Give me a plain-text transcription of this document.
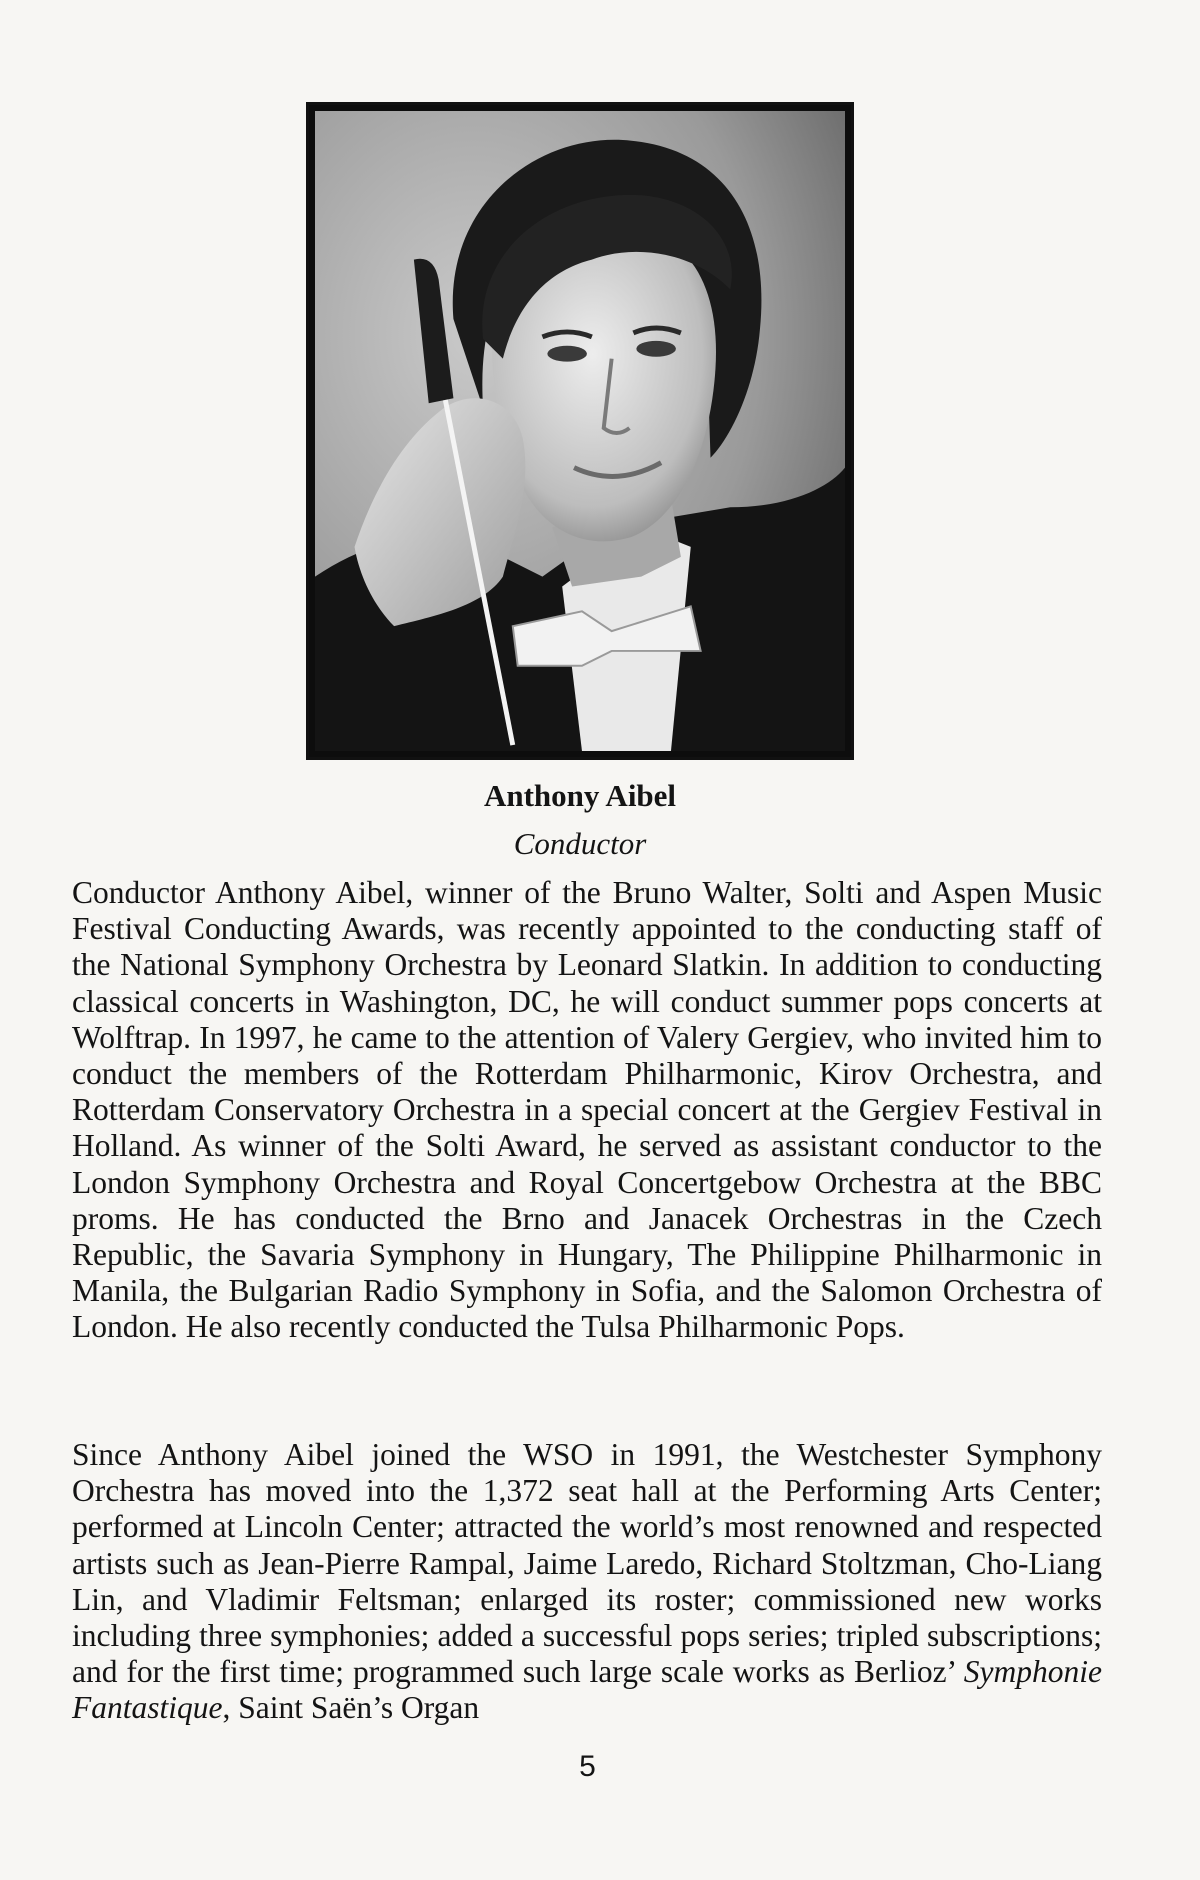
Anthony Aibel
Conductor

Conductor Anthony Aibel, winner of the Bruno Walter, Solti and Aspen Music Festival Conducting Awards, was recently appointed to the conducting staff of the National Symphony Orchestra by Leonard Slatkin. In addition to conducting classical concerts in Washington, DC, he will conduct summer pops concerts at Wolftrap. In 1997, he came to the attention of Valery Gergiev, who invited him to conduct the members of the Rotterdam Philharmonic, Kirov Orchestra, and Rotterdam Conservatory Orchestra in a special concert at the Gergiev Festival in Holland. As winner of the Solti Award, he served as assistant conductor to the London Symphony Orchestra and Royal Concertgebow Orchestra at the BBC proms. He has conducted the Brno and Janacek Orchestras in the Czech Republic, the Savaria Symphony in Hungary, The Philippine Philharmonic in Manila, the Bulgarian Radio Symphony in Sofia, and the Salomon Orchestra of London. He also recently conducted the Tulsa Philharmonic Pops.

Since Anthony Aibel joined the WSO in 1991, the Westchester Symphony Orchestra has moved into the 1,372 seat hall at the Performing Arts Center; performed at Lincoln Center; attracted the world’s most renowned and respected artists such as Jean-Pierre Rampal, Jaime Laredo, Richard Stoltzman, Cho-Liang Lin, and Vladimir Feltsman; enlarged its roster; commissioned new works including three symphonies; added a successful pops series; tripled subscriptions; and for the first time; programmed such large scale works as Berlioz’ Symphonie Fantastique, Saint Saën’s Organ

5
